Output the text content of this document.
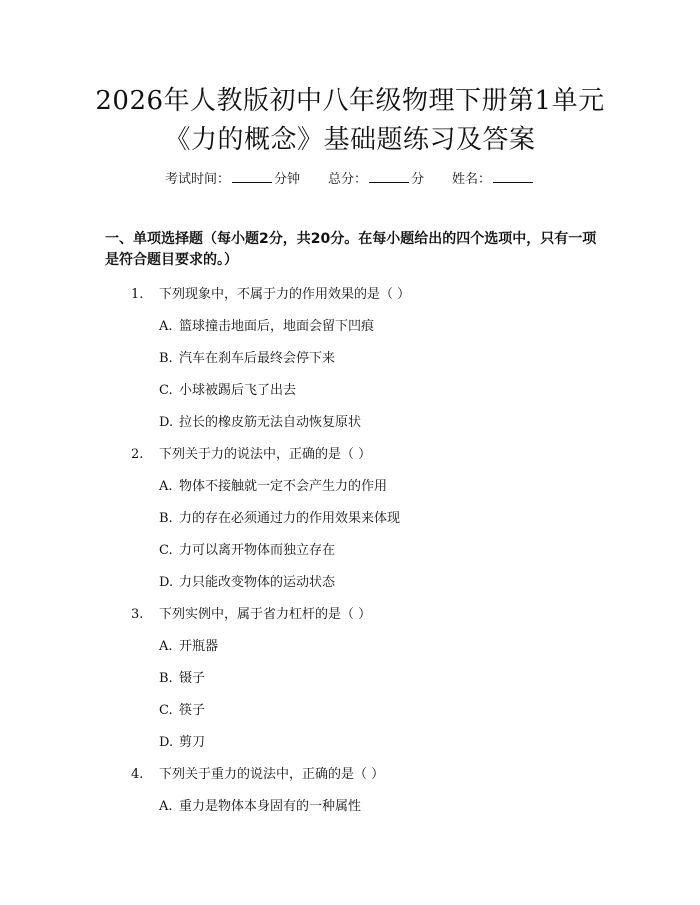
2026年人教版初中八年级物理下册第1单元
《力的概念》基础题练习及答案
考试时间：	分钟 总分：	分 姓名：
一、单项选择题（每小题2分，共20分。在每小题给出的四个选项中，只有一项是符合题目要求的。）
1. 下列现象中，不属于力的作用效果的是（ ）
A. 篮球撞击地面后，地面会留下凹痕
B. 汽车在刹车后最终会停下来
C. 小球被踢后飞了出去
D. 拉长的橡皮筋无法自动恢复原状
2. 下列关于力的说法中，正确的是（ ）
A. 物体不接触就一定不会产生力的作用
B. 力的存在必须通过力的作用效果来体现
C. 力可以离开物体而独立存在
D. 力只能改变物体的运动状态
3. 下列实例中，属于省力杠杆的是（ ）
A. 开瓶器
B. 镊子
C. 筷子
D. 剪刀
4. 下列关于重力的说法中，正确的是（ ）
A. 重力是物体本身固有的一种属性
